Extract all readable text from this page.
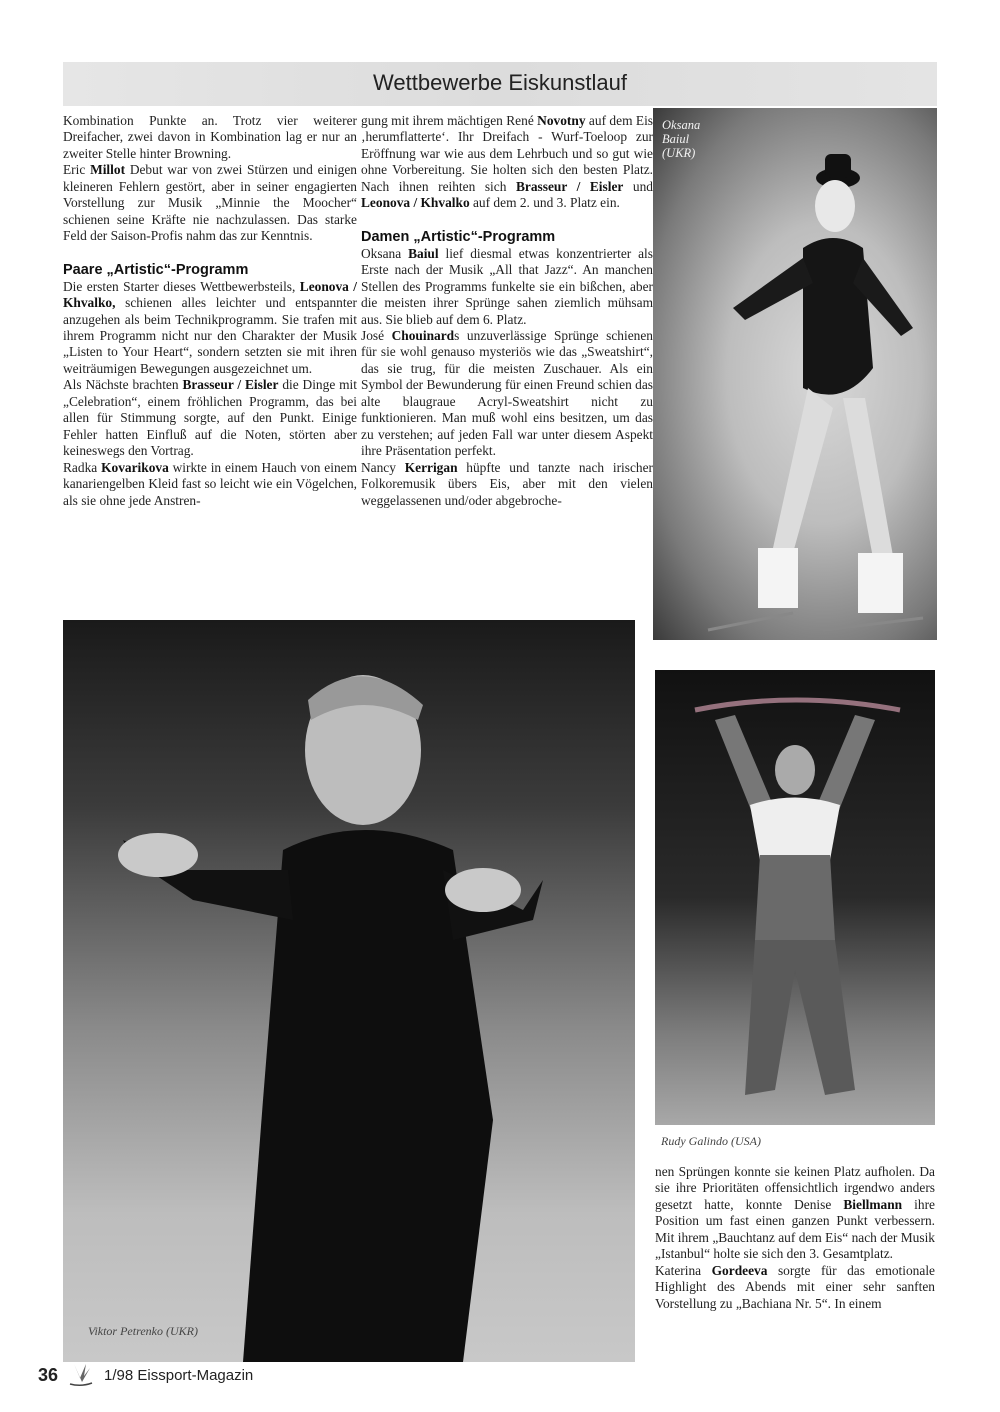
Wettbewerbe Eiskunstlauf

Kombination Punkte an. Trotz vier weiterer Dreifacher, zwei davon in Kombination lag er nur an zweiter Stelle hinter Browning.

Eric Millot Debut war von zwei Stürzen und einigen kleineren Fehlern gestört, aber in seiner engagierten Vorstellung zur Musik „Minnie the Moocher“ schienen seine Kräfte nie nachzulassen. Das starke Feld der Saison-Profis nahm das zur Kenntnis.

Paare „Artistic“-Programm

Die ersten Starter dieses Wettbewerbsteils, Leonova / Khvalko, schienen alles leichter und entspannter anzugehen als beim Technikprogramm. Sie trafen mit ihrem Programm nicht nur den Charakter der Musik „Listen to Your Heart“, sondern setzten sie mit ihren weiträumigen Bewegungen ausgezeichnet um.

Als Nächste brachten Brasseur / Eisler die Dinge mit „Celebration“, einem fröhlichen Programm, das bei allen für Stimmung sorgte, auf den Punkt. Einige Fehler hatten Einfluß auf die Noten, störten aber keineswegs den Vortrag.

Radka Kovarikova wirkte in einem Hauch von einem kanariengelben Kleid fast so leicht wie ein Vögelchen, als sie ohne jede Anstren-

gung mit ihrem mächtigen René Novotny auf dem Eis ‚herumflatterte‘. Ihr Dreifach - Wurf-Toeloop zur Eröffnung war wie aus dem Lehrbuch und so gut wie ohne Vorbereitung. Sie holten sich den besten Platz. Nach ihnen reihten sich Brasseur / Eisler und Leonova / Khvalko auf dem 2. und 3. Platz ein.

Damen „Artistic“-Programm

Oksana Baiul lief diesmal etwas konzentrierter als Erste nach der Musik „All that Jazz“. An manchen Stellen des Programms funkelte sie ein bißchen, aber die meisten ihrer Sprünge sahen ziemlich mühsam aus. Sie blieb auf dem 6. Platz.

José Chouinards unzuverlässige Sprünge schienen für sie wohl genauso mysteriös wie das „Sweatshirt“, das sie trug, für die meisten Zuschauer. Als ein Symbol der Bewunderung für einen Freund schien das alte blaugraue Acryl-Sweatshirt nicht zu funktionieren. Man muß wohl eins besitzen, um das zu verstehen; auf jeden Fall war unter diesem Aspekt ihre Präsentation perfekt.

Nancy Kerrigan hüpfte und tanzte nach irischer Folkoremusik übers Eis, aber mit den vielen weggelassenen und/oder abgebroche-

Oksana
Baiul
(UKR)
Viktor Petrenko (UKR)
Rudy Galindo (USA)

nen Sprüngen konnte sie keinen Platz aufholen. Da sie ihre Prioritäten offensichtlich irgendwo anders gesetzt hatte, konnte Denise Biellmann ihre Position um fast einen ganzen Punkt verbessern. Mit ihrem „Bauchtanz auf dem Eis“ nach der Musik „Istanbul“ holte sie sich den 3. Gesamtplatz.

Katerina Gordeeva sorgte für das emotionale Highlight des Abends mit einer sehr sanften Vorstellung zu „Bachiana Nr. 5“. In einem

36	1/98 Eissport-Magazin
